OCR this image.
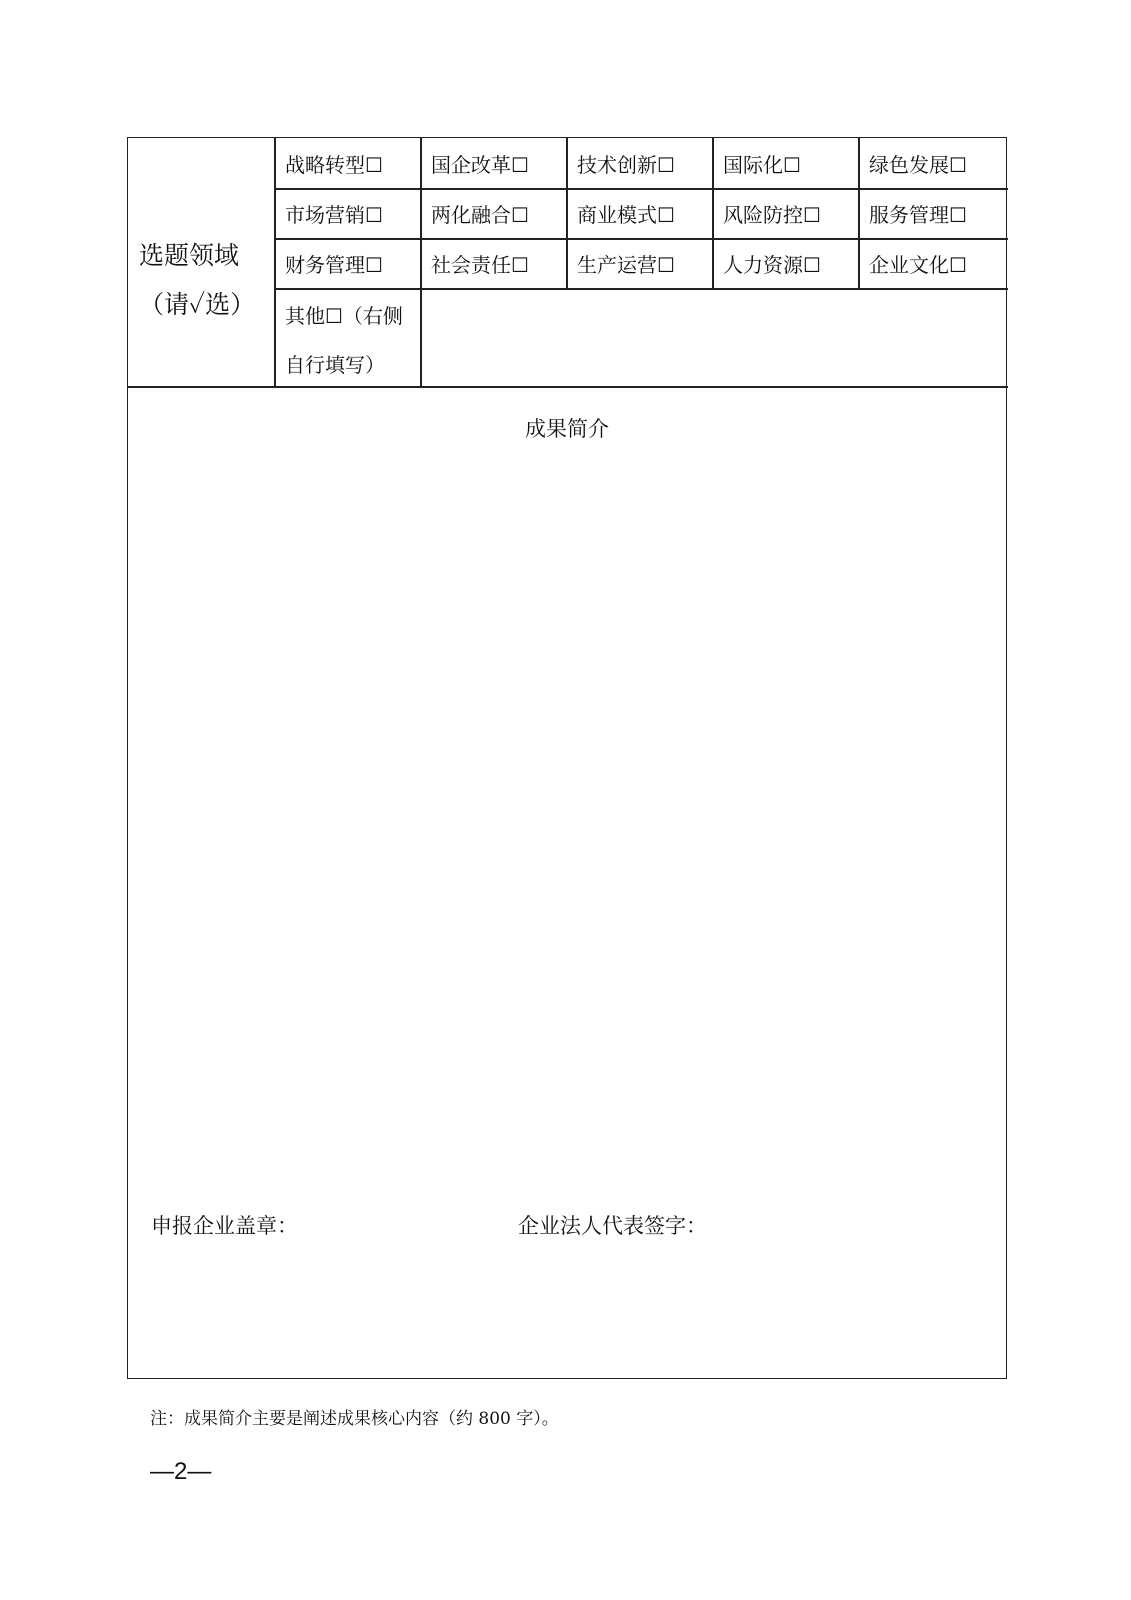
选题领域
（请✓选）
战略转型☐ 国企改革☐ 技术创新☐ 国际化☐	绿色发展☐
市场营销☐ 两化融合☐ 商业模式☐ 风险防控☐ 服务管理☐
财务管理☐ 社会责任☐ 生产运营☐ 人力资源☐ 企业文化☐
其他☐（右侧
自行填写）
成果简介
申报企业盖章：	企业法人代表签字：
注：成果简介主要是阐述成果核心内容（约 800 字）。
—2—
